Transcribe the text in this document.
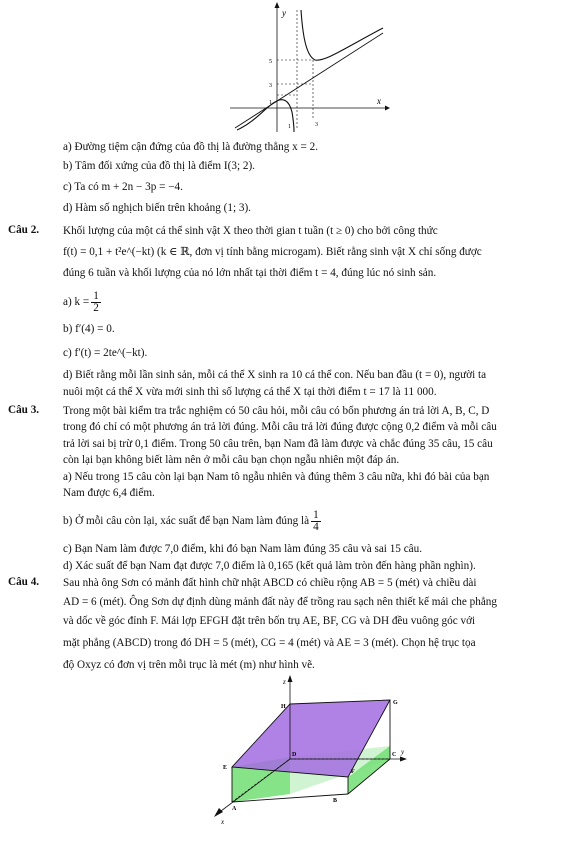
y
x
5
3
1
1	3
a) Đường tiệm cận đứng của đồ thị là đường thẳng x = 2.
b) Tâm đối xứng của đồ thị là điểm I(3; 2).
c) Ta có m + 2n − 3p = −4.
d) Hàm số nghịch biến trên khoảng (1; 3).
Câu 2. Khối lượng của một cá thể sinh vật X theo thời gian t tuần (t ≥ 0) cho bởi công thức
f(t) = 0,1 + t²e^(−kt) (k ∈ ℝ, đơn vị tính bằng microgam). Biết rằng sinh vật X chỉ sống được
đúng 6 tuần và khối lượng của nó lớn nhất tại thời điểm t = 4, đúng lúc nó sinh sản.
a) $k = \frac{1}{2}$
b) f′(4) = 0.
c) f′(t) = 2te^(−kt).
d) Biết rằng mỗi lần sinh sản, mỗi cá thể X sinh ra 10 cá thể con. Nếu ban đầu (t = 0), người ta
nuôi một cá thể X vừa mới sinh thì số lượng cá thể X tại thời điểm t = 17 là 11 000.
Câu 3. Trong một bài kiểm tra trắc nghiệm có 50 câu hỏi, mỗi câu có bốn phương án trả lời A, B, C, D
trong đó chỉ có một phương án trả lời đúng. Mỗi câu trả lời đúng được cộng 0,2 điểm và mỗi câu
trả lời sai bị trừ 0,1 điểm. Trong 50 câu trên, bạn Nam đã làm được và chắc đúng 35 câu, 15 câu
còn lại bạn không biết làm nên ở mỗi câu bạn chọn ngẫu nhiên một đáp án.
a) Nếu trong 15 câu còn lại bạn Nam tô ngẫu nhiên và đúng thêm 3 câu nữa, khi đó bài của bạn
Nam được 6,4 điểm.
b) Ở mỗi câu còn lại, xác suất để bạn Nam làm đúng là $\frac{1}{4}$
c) Bạn Nam làm được 7,0 điểm, khi đó bạn Nam làm đúng 35 câu và sai 15 câu.
d) Xác suất để bạn Nam đạt được 7,0 điểm là 0,165 (kết quả làm tròn đến hàng phần nghìn).
Câu 4. Sau nhà ông Sơn có mảnh đất hình chữ nhật ABCD có chiều rộng AB = 5 (mét) và chiều dài
AD = 6 (mét). Ông Sơn dự định dùng mảnh đất này để trồng rau sạch nên thiết kế mái che phẳng
và dốc về góc đỉnh F. Mái lợp EFGH đặt trên bốn trụ AE, BF, CG và DH đều vuông góc với
mặt phẳng (ABCD) trong đó DH = 5 (mét), CG = 4 (mét) và AE = 3 (mét). Chọn hệ trục tọa
độ Oxyz có đơn vị trên mỗi trục là mét (m) như hình vẽ.
z
y
x
H
G
E
F
D	C
A
B
